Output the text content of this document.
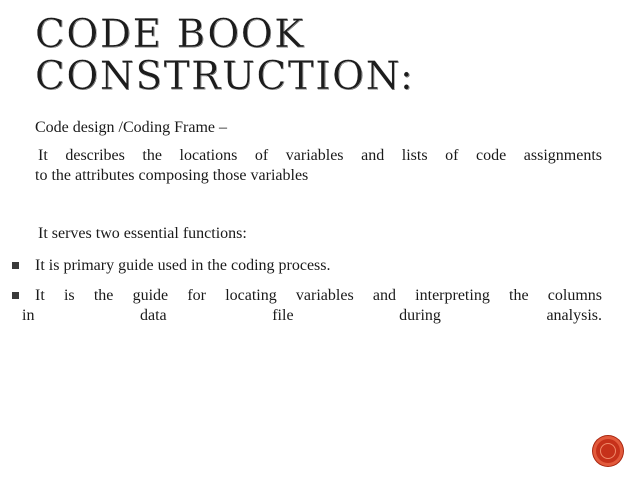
CODE BOOK
CONSTRUCTION:

Code design /Coding Frame –

It describes the locations of variables and lists of code assignments
to the attributes composing those variables

It serves two essential functions:

It is primary guide used in the coding process.
It is the guide for locating variables and interpreting the columns
in data file during analysis.
